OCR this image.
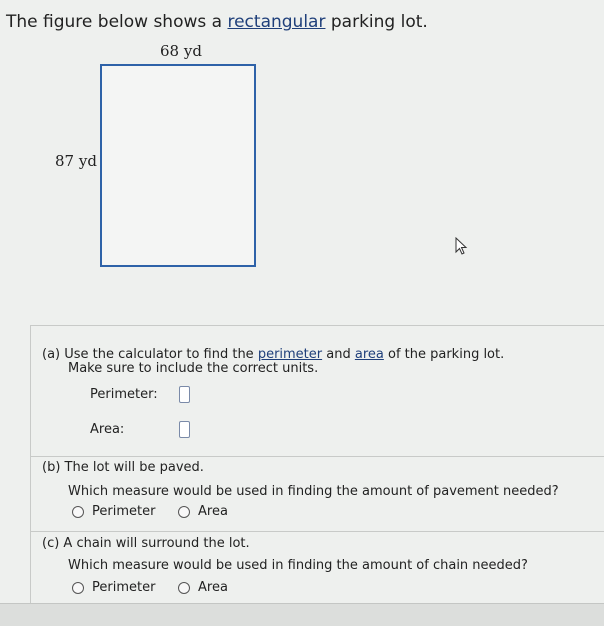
The figure below shows a rectangular parking lot.
68 yd
87 yd
(a) Use the calculator to find the perimeter and area of the parking lot.
Make sure to include the correct units.
Perimeter:
Area:
(b) The lot will be paved.
Which measure would be used in finding the amount of pavement needed?
Perimeter	Area
(c) A chain will surround the lot.
Which measure would be used in finding the amount of chain needed?
Perimeter	Area
